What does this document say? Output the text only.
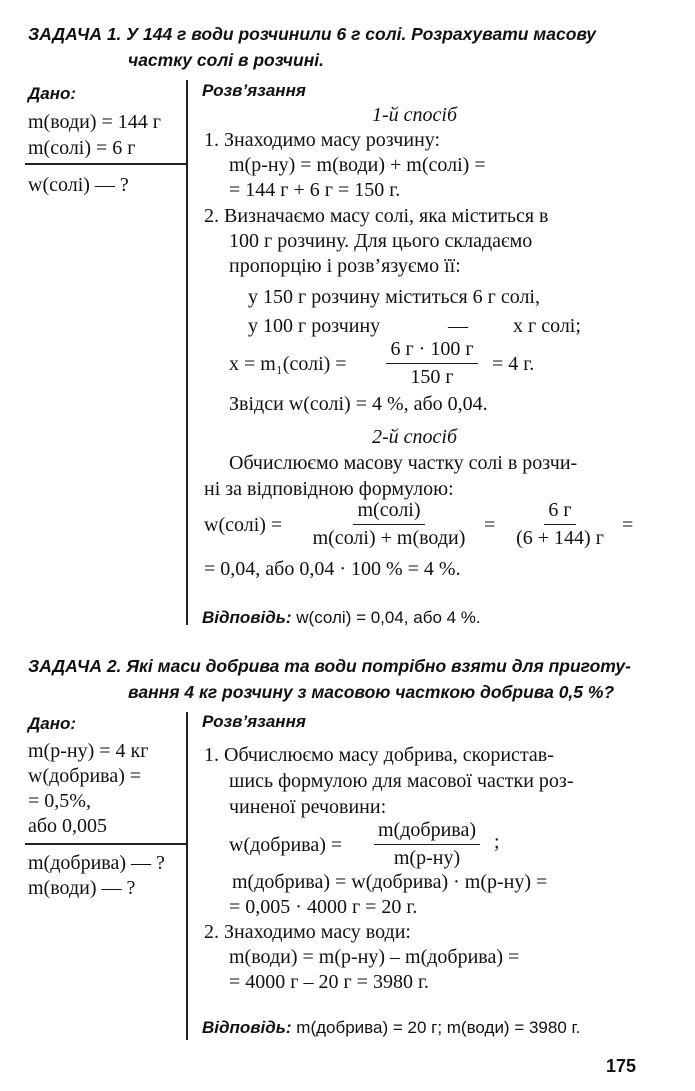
ЗАДАЧА 1. У 144 г води розчинили 6 г солі. Розрахувати масову
частку солі в розчині.
Дано:
m(води) = 144 г
m(солі) = 6 г
w(солі) — ?
Розв’язання
1-й спосіб
1. Знаходимо масу розчину:
m(р-ну) = m(води) + m(солі) =
= 144 г + 6 г = 150 г.
2. Визначаємо масу солі, яка міститься в
100 г розчину. Для цього складаємо
пропорцію і розв’язуємо її:
у 150 г розчину міститься 6 г солі,
у 100 г розчину	— x г солі;
x = m₁(солі) =
6 г · 100 г
150 г
= 4 г.
Звідси w(солі) = 4 %, або 0,04.
2-й спосіб
Обчислюємо масову частку солі в розчи-
ні за відповідною формулою:
w(солі) =
m(солі)
m(солі) + m(води)
=
6 г
(6 + 144) г
=
= 0,04, або 0,04 · 100 % = 4 %.
Відповідь: w(солі) = 0,04, або 4 %.
ЗАДАЧА 2. Які маси добрива та води потрібно взяти для приготу-
вання 4 кг розчину з масовою часткою добрива 0,5 %?
Дано:
m(р-ну) = 4 кг
w(добрива) =
= 0,5%,
або 0,005
m(добрива) — ?
m(води) — ?
Розв’язання
1. Обчислюємо масу добрива, скористав-
шись формулою для масової частки роз-
чиненої речовини:
w(добрива) =
m(добрива)
m(р-ну)
;
m(добрива) = w(добрива) · m(р-ну) =
= 0,005 · 4000 г = 20 г.
2. Знаходимо масу води:
m(води) = m(р-ну) – m(добрива) =
= 4000 г – 20 г = 3980 г.
Відповідь: m(добрива) = 20 г; m(води) = 3980 г.
175
